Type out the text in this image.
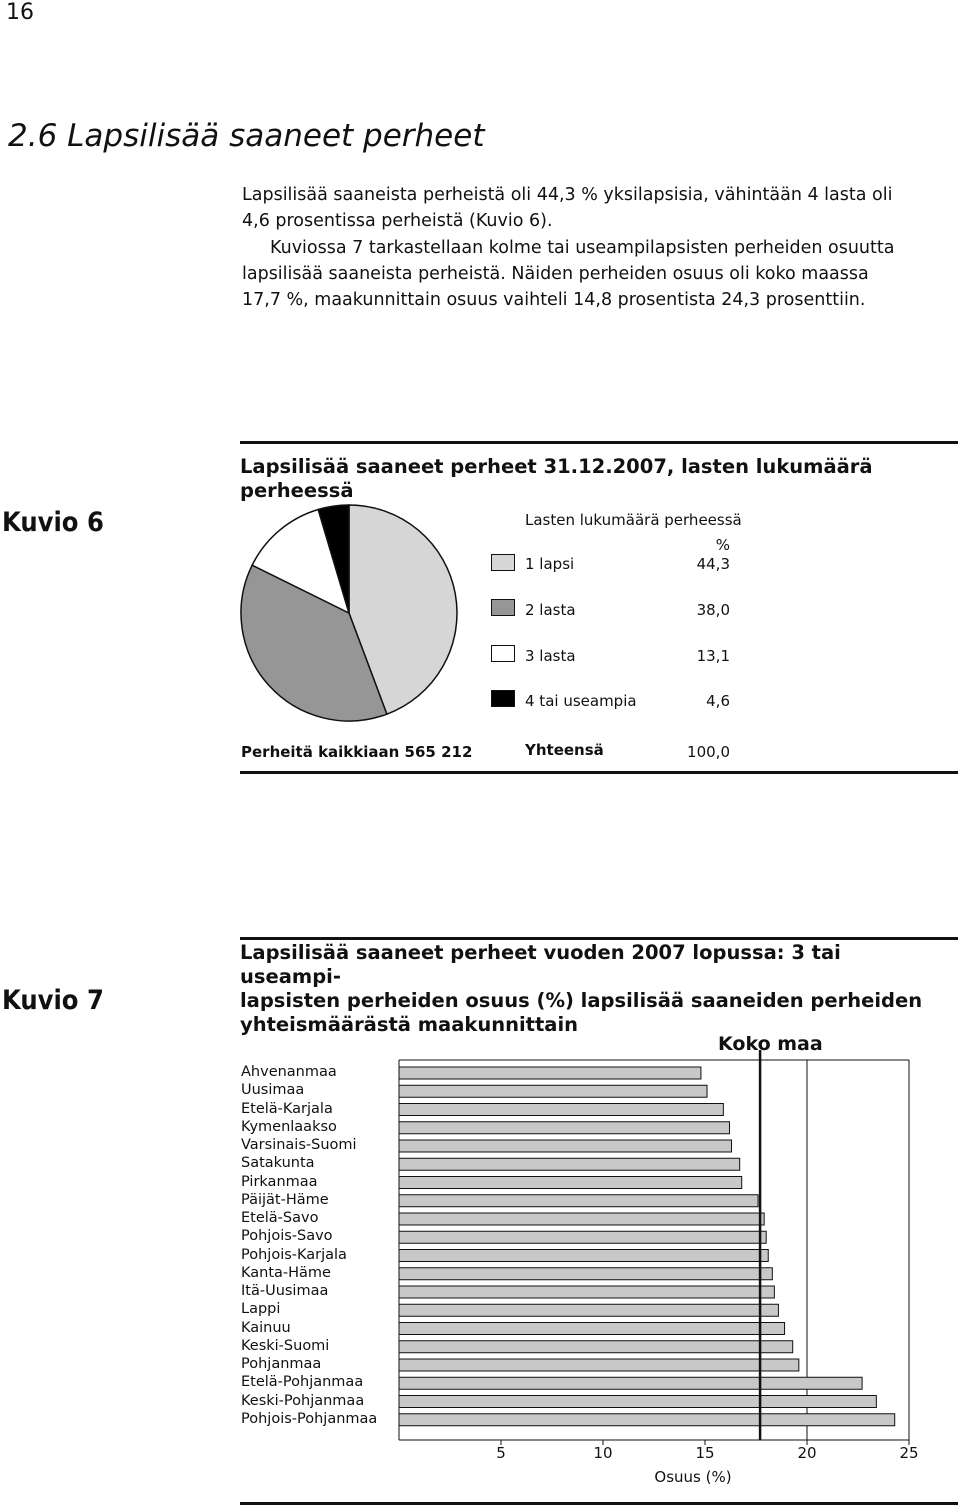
16
2.6 Lapsilisää saaneet perheet

Lapsilisää saaneista perheistä oli 44,3 % yksilapsisia, vähintään 4 lasta oli

4,6 prosentissa perheistä (Kuvio 6).

Kuviossa 7 tarkastellaan kolme tai useampilapsisten perheiden osuutta

lapsilisää saaneista perheistä. Näiden perheiden osuus oli koko maassa

17,7 %, maakunnittain osuus vaihteli 14,8 prosentista 24,3 prosenttiin.

Lapsilisää saaneet perheet 31.12.2007, lasten lukumäärä perheessä
Kuvio 6	Lasten lukumäärä perheessä
%
1 lapsi	44,3
2 lasta	38,0
3 lasta	13,1
4 tai useampia	4,6
Perheitä kaikkiaan 565 212	Yhteensä	100,0
Kuvio 7
Lapsilisää saaneet perheet vuoden 2007 lopussa: 3 tai useampi-
lapsisten perheiden osuus (%) lapsilisää saaneiden perheiden
yhteismäärästä maakunnittain
Koko maa
Ahvenanmaa
Uusimaa
Etelä-Karjala
Kymenlaakso
Varsinais-Suomi
Satakunta
Pirkanmaa
Päijät-Häme
Etelä-Savo
Pohjois-Savo
Pohjois-Karjala
Kanta-Häme
Itä-Uusimaa
Lappi
Kainuu
Keski-Suomi
Pohjanmaa
Etelä-Pohjanmaa
Keski-Pohjanmaa
Pohjois-Pohjanmaa
5	10	15	20	25
Osuus (%)
